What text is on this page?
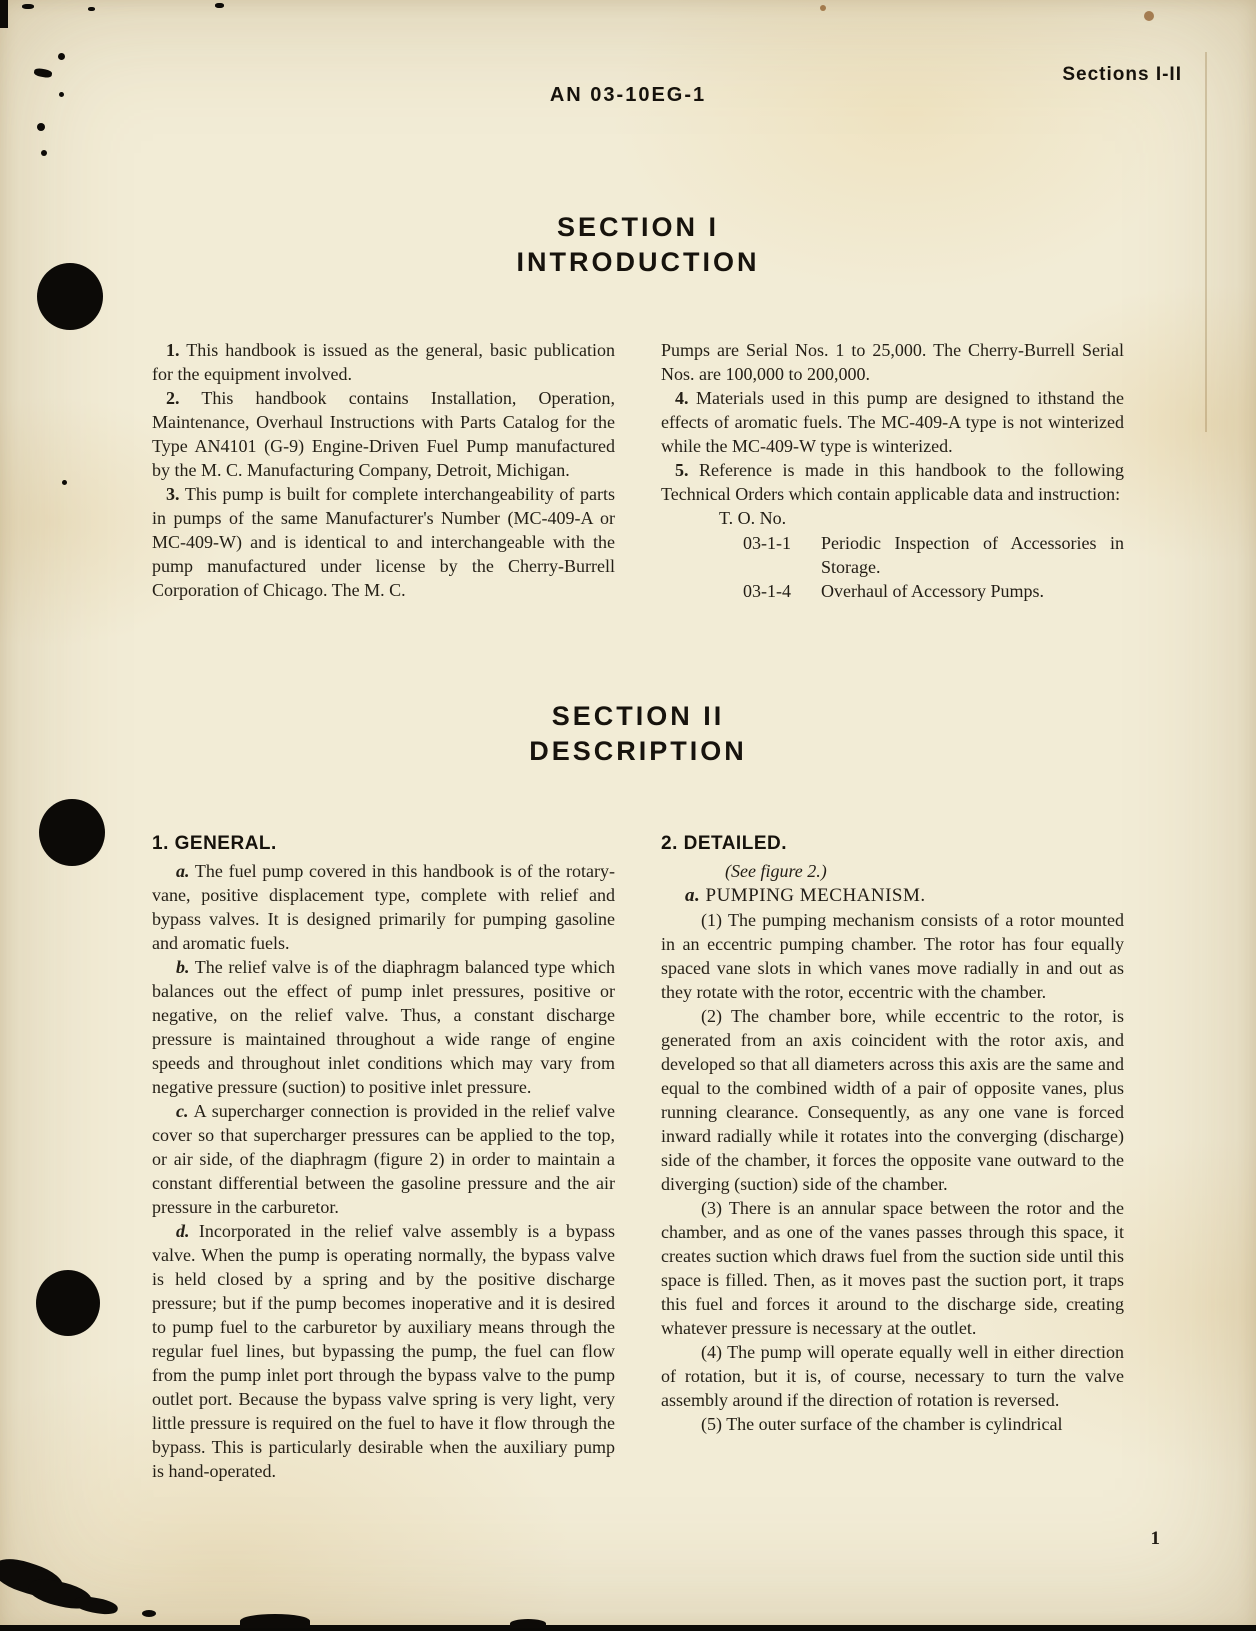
AN 03-10EG-1
Sections I-II
SECTION I
INTRODUCTION

1. This handbook is issued as the general, basic publication for the equipment involved.

2. This handbook contains Installation, Operation, Maintenance, Overhaul Instructions with Parts Catalog for the Type AN4101 (G-9) Engine-Driven Fuel Pump manufactured by the M. C. Manufacturing Company, Detroit, Michigan.

3. This pump is built for complete interchangeability of parts in pumps of the same Manufacturer's Number (MC-409-A or MC-409-W) and is identical to and interchangeable with the pump manufactured under license by the Cherry-Burrell Corporation of Chicago. The M. C.

Pumps are Serial Nos. 1 to 25,000. The Cherry-Burrell Serial Nos. are 100,000 to 200,000.

4. Materials used in this pump are designed to ithstand the effects of aromatic fuels. The MC-409-A type is not winterized while the MC-409-W type is winterized.

5. Reference is made in this handbook to the following Technical Orders which contain applicable data and instruction:

T. O. No.
03-1-1	Periodic Inspection of Accessories in Storage.
03-1-4	Overhaul of Accessory Pumps.
SECTION II
DESCRIPTION

1. GENERAL.

a. The fuel pump covered in this handbook is of the rotary-vane, positive displacement type, complete with relief and bypass valves. It is designed primarily for pumping gasoline and aromatic fuels.

b. The relief valve is of the diaphragm balanced type which balances out the effect of pump inlet pressures, positive or negative, on the relief valve. Thus, a constant discharge pressure is maintained throughout a wide range of engine speeds and throughout inlet conditions which may vary from negative pressure (suction) to positive inlet pressure.

c. A supercharger connection is provided in the relief valve cover so that supercharger pressures can be applied to the top, or air side, of the diaphragm (figure 2) in order to maintain a constant differential between the gasoline pressure and the air pressure in the carburetor.

d. Incorporated in the relief valve assembly is a bypass valve. When the pump is operating normally, the bypass valve is held closed by a spring and by the positive discharge pressure; but if the pump becomes inoperative and it is desired to pump fuel to the carburetor by auxiliary means through the regular fuel lines, but bypassing the pump, the fuel can flow from the pump inlet port through the bypass valve to the pump outlet port. Because the bypass valve spring is very light, very little pressure is required on the fuel to have it flow through the bypass. This is particularly desirable when the auxiliary pump is hand-operated.

2. DETAILED.

(See figure 2.)

a. PUMPING MECHANISM.

(1) The pumping mechanism consists of a rotor mounted in an eccentric pumping chamber. The rotor has four equally spaced vane slots in which vanes move radially in and out as they rotate with the rotor, eccentric with the chamber.

(2) The chamber bore, while eccentric to the rotor, is generated from an axis coincident with the rotor axis, and developed so that all diameters across this axis are the same and equal to the combined width of a pair of opposite vanes, plus running clearance. Consequently, as any one vane is forced inward radially while it rotates into the converging (discharge) side of the chamber, it forces the opposite vane outward to the diverging (suction) side of the chamber.

(3) There is an annular space between the rotor and the chamber, and as one of the vanes passes through this space, it creates suction which draws fuel from the suction side until this space is filled. Then, as it moves past the suction port, it traps this fuel and forces it around to the discharge side, creating whatever pressure is necessary at the outlet.

(4) The pump will operate equally well in either direction of rotation, but it is, of course, necessary to turn the valve assembly around if the direction of rotation is reversed.

(5) The outer surface of the chamber is cylindrical

1
